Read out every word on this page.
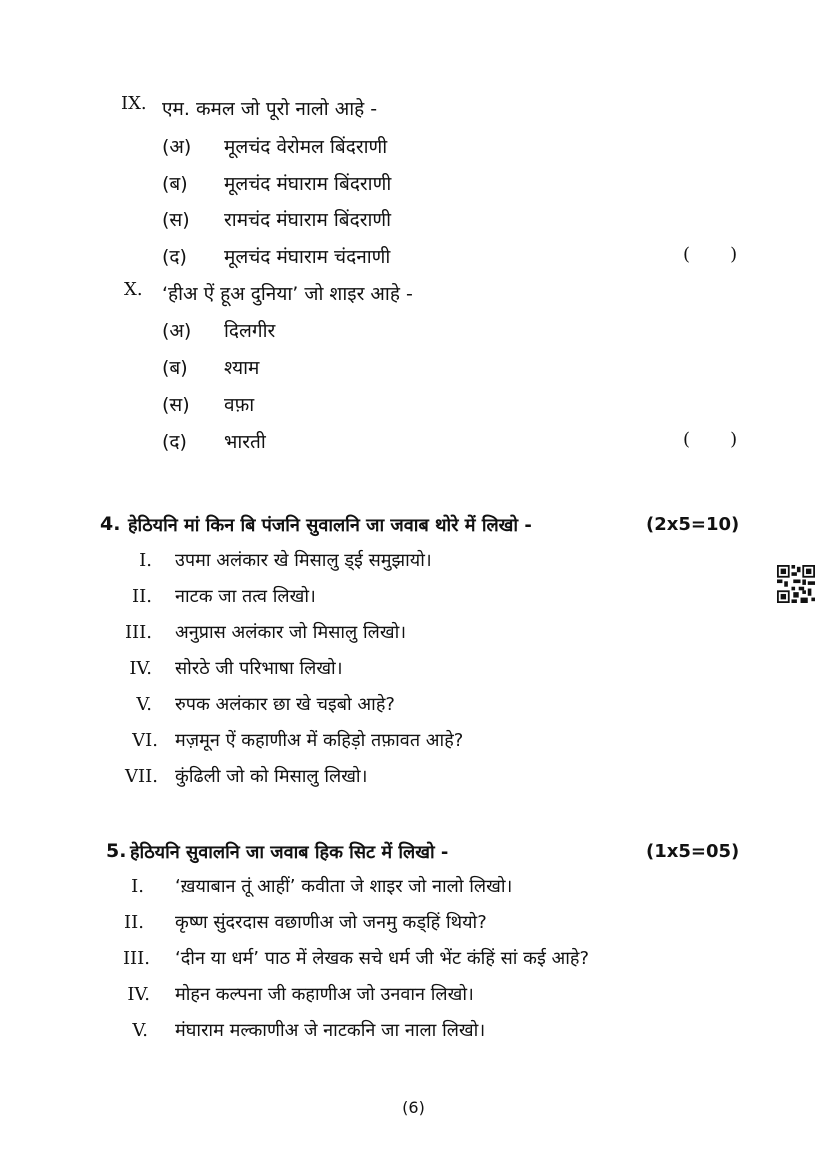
IX. एम. कमल जो पूरो नालो आहे -
(अ) मूलचंद वेरोमल बिंदराणी
(ब) मूलचंद मंघाराम बिंदराणी
(स) रामचंद मंघाराम बिंदराणी
(द) मूलचंद मंघाराम चंदनाणी	(       )
X. ‘हीअ ऐं हूअ दुनिया’ जो शाइर आहे -
(अ) दिलगीर
(ब) श्याम
(स) वफ़ा
(द) भारती	(       )
4. हेठियनि मां किन बि पंजनि सुवालनि जा जवाब थोरे में लिखो -	(2x5=10)
I. उपमा अलंकार खे मिसालु ड्ई समुझायो।
II. नाटक जा तत्व लिखो।
III. अनुप्रास अलंकार जो मिसालु लिखो।
IV. सोरठे जी परिभाषा लिखो।
V. रुपक अलंकार छा खे चइबो आहे?
VI. मज़मून ऐं कहाणीअ में कहिड़ो तफ़ावत आहे?
VII. कुंढिली जो को मिसालु लिखो।
5. हेठियनि सुवालनि जा जवाब हिक सिट में लिखो -	(1x5=05)
I. ‘ख़याबान तूं आहीं’ कवीता जे शाइर जो नालो लिखो।
II. कृष्ण सुंदरदास वछाणीअ जो जनमु कड्हिं थियो?
III. ‘दीन या धर्म’ पाठ में लेखक सचे धर्म जी भेंट कंहिं सां कई आहे?
IV. मोहन कल्पना जी कहाणीअ जो उनवान लिखो।
V. मंघाराम मल्काणीअ जे नाटकनि जा नाला लिखो।
(6)
